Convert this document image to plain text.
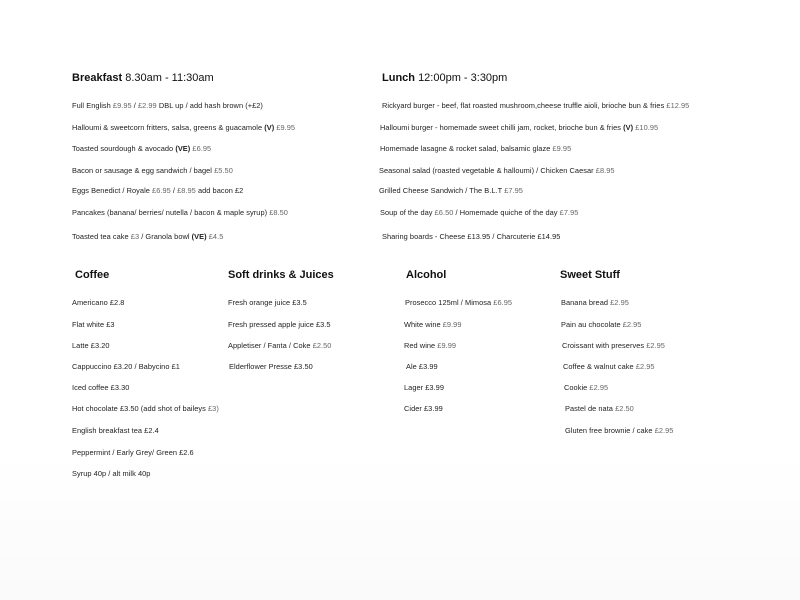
Breakfast 8.30am - 11:30am	Lunch 12:00pm - 3:30pm
Coffee	Soft drinks & Juices	Alcohol	Sweet Stuff
Full English £9.95 / £2.99 DBL up / add hash brown (+£2)
Halloumi & sweetcorn fritters, salsa, greens & guacamole (V) £9.95
Toasted sourdough & avocado (VE) £6.95
Bacon or sausage & egg sandwich / bagel £5.50
Eggs Benedict / Royale £6.95 / £8.95 add bacon £2
Pancakes (banana/ berries/ nutella / bacon & maple syrup) £8.50
Toasted tea cake £3 / Granola bowl (VE) £4.5
Rickyard burger - beef, flat roasted mushroom,cheese truffle aioli, brioche bun & fries £12.95
Halloumi burger - homemade sweet chilli jam, rocket, brioche bun & fries (V) £10.95
Homemade lasagne & rocket salad, balsamic glaze £9.95
Seasonal salad (roasted vegetable & halloumi) / Chicken Caesar £8.95
Grilled Cheese Sandwich / The B.L.T £7.95
Soup of the day £6.50 / Homemade quiche of the day £7.95
Sharing boards - Cheese £13.95 / Charcuterie £14.95
Americano £2.8
Flat white £3
Latte £3.20
Cappuccino £3.20 / Babycino £1
Iced coffee £3.30
Hot chocolate £3.50 (add shot of baileys £3)
English breakfast tea £2.4
Peppermint / Early Grey/ Green £2.6
Syrup 40p / alt milk 40p
Fresh orange juice £3.5
Fresh pressed apple juice £3.5
Appletiser / Fanta / Coke £2.50
Elderflower Presse £3.50
Prosecco 125ml / Mimosa £6.95
White wine £9.99
Red wine £9.99
Ale £3.99
Lager £3.99
Cider £3.99
Banana bread £2.95
Pain au chocolate £2.95
Croissant with preserves £2.95
Coffee & walnut cake £2.95
Cookie £2.95
Pastel de nata £2.50
Gluten free brownie / cake £2.95
